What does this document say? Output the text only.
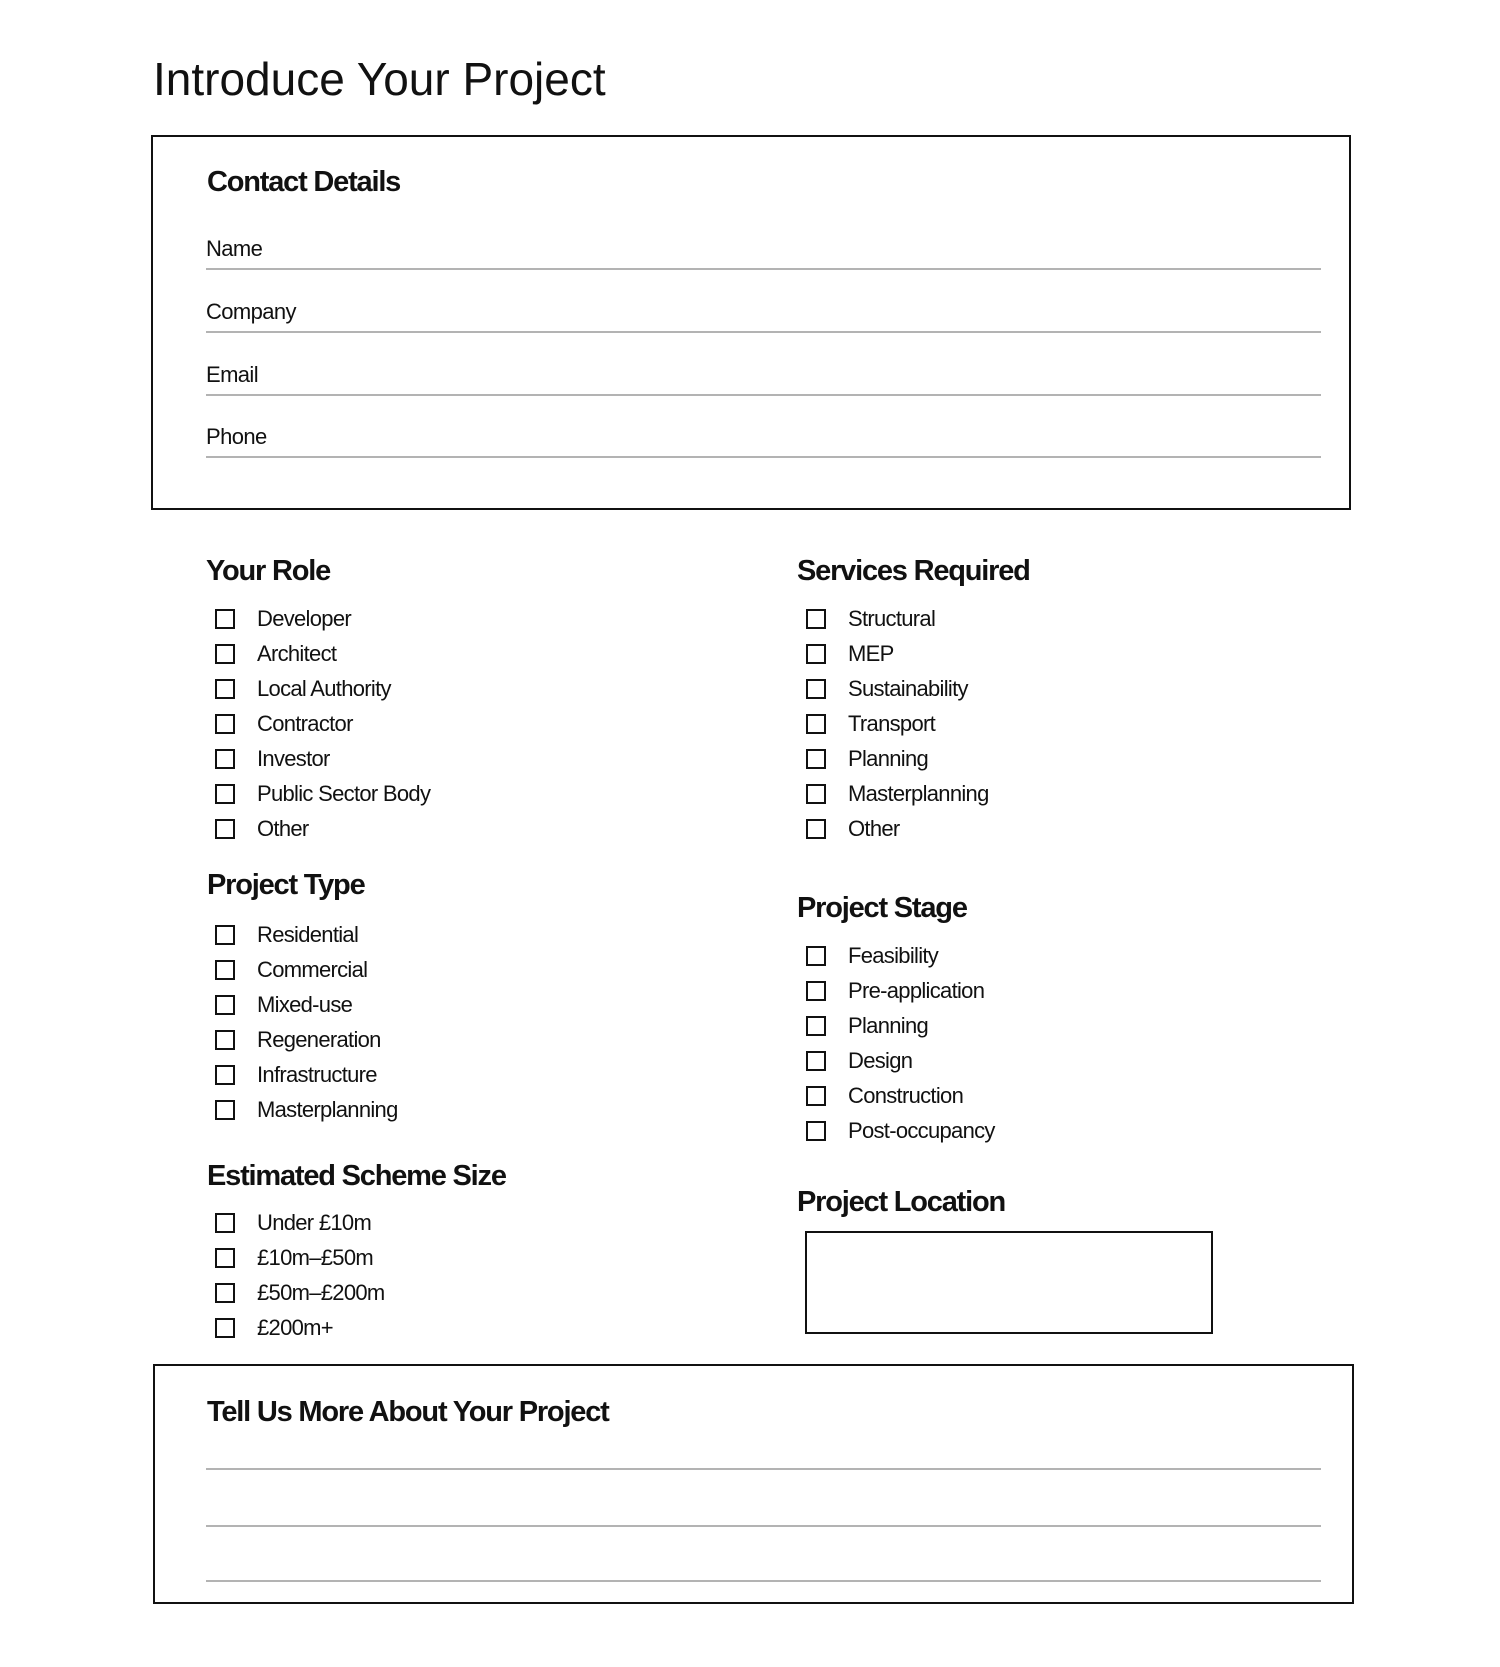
Introduce Your Project
Contact Details
Name
Company
Email
Phone
Your Role
Developer
Architect
Local Authority
Contractor
Investor
Public Sector Body
Other
Services Required
Structural
MEP
Sustainability
Transport
Planning
Masterplanning
Other
Project Type
Residential
Commercial
Mixed-use
Regeneration
Infrastructure
Masterplanning
Project Stage
Feasibility
Pre-application
Planning
Design
Construction
Post-occupancy
Estimated Scheme Size
Under £10m
£10m–£50m
£50m–£200m
£200m+
Project Location
Tell Us More About Your Project
